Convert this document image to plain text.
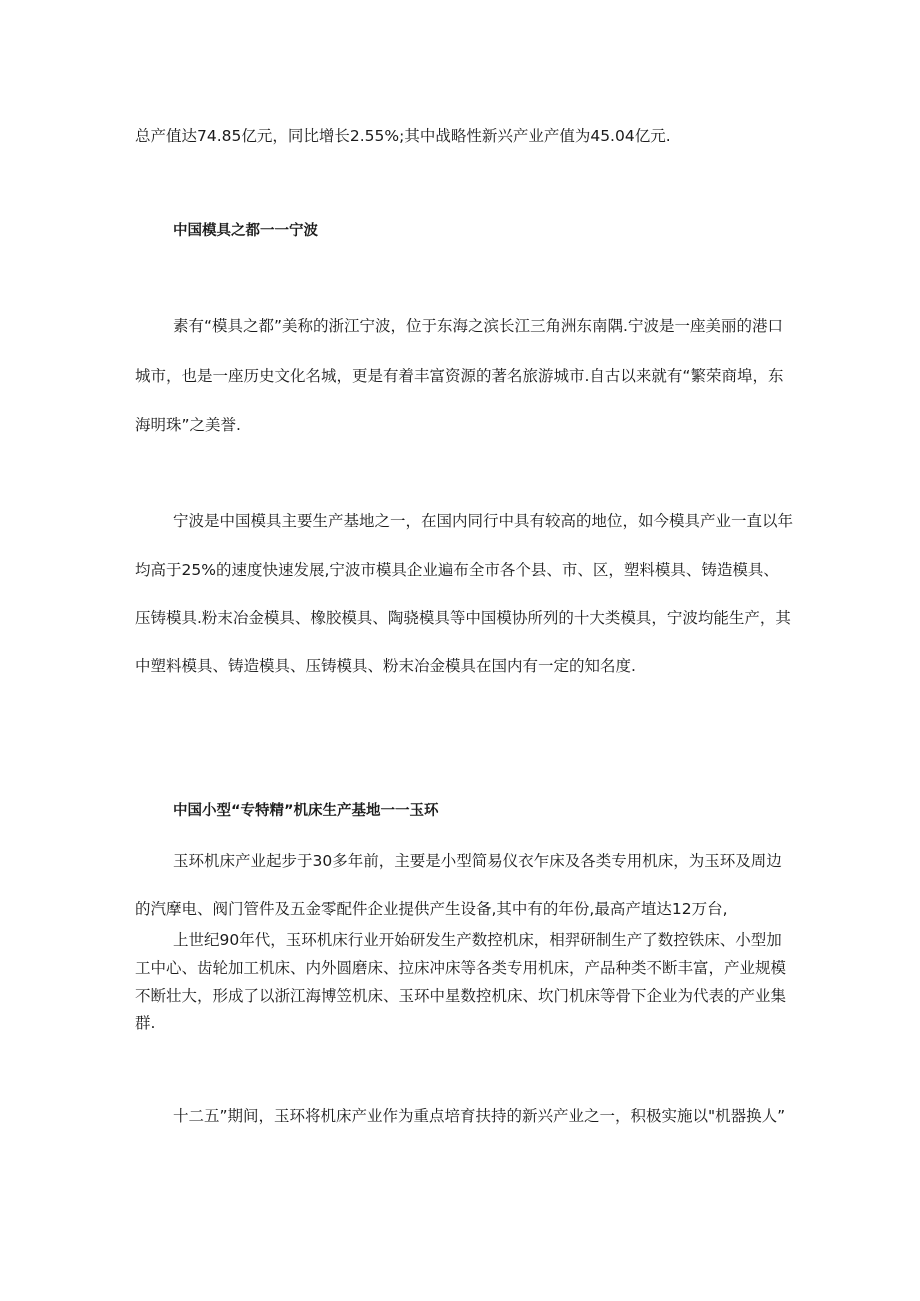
总产值达74.85亿元，同比增长2.55%;其中战略性新兴产业产值为45.04亿元.
中国模具之都一一宁波
素有“模具之都”美称的浙江宁波，位于东海之滨长江三角洲东南隅.宁波是一座美丽的港口
城市，也是一座历史文化名城，更是有着丰富资源的著名旅游城市.自古以来就有“繁荣商埠，东
海明珠”之美誉.
宁波是中国模具主要生产基地之一，在国内同行中具有较高的地位，如今模具产业一直以年
均高于25%的速度快速发展,宁波市模具企业遍布全市各个县、市、区，塑料模具、铸造模具、
压铸模具.粉末冶金模具、橡胶模具、陶骁模具等中国模协所列的十大类模具，宁波均能生产，其
中塑料模具、铸造模具、压铸模具、粉末冶金模具在国内有一定的知名度.
中国小型“专特精”机床生产基地一一玉环
玉环机床产业起步于30多年前，主要是小型简易仪衣乍床及各类专用机床，为玉环及周边
的汽摩电、阀门管件及五金零配件企业提供产生设备,其中有的年份,最高产埴达12万台,
上世纪90年代，玉环机床行业开始研发生产数控机床，相羿研制生产了数控铁床、小型加
工中心、齿轮加工机床、内外圆磨床、拉床冲床等各类专用机床，产品种类不断丰富，产业规模
不断壮大，形成了以浙江海博笠机床、玉环中星数控机床、坎门机床等骨下企业为代表的产业集
群.
十二五”期间，玉环将机床产业作为重点培育扶持的新兴产业之一，积极实施以"机器换人”
